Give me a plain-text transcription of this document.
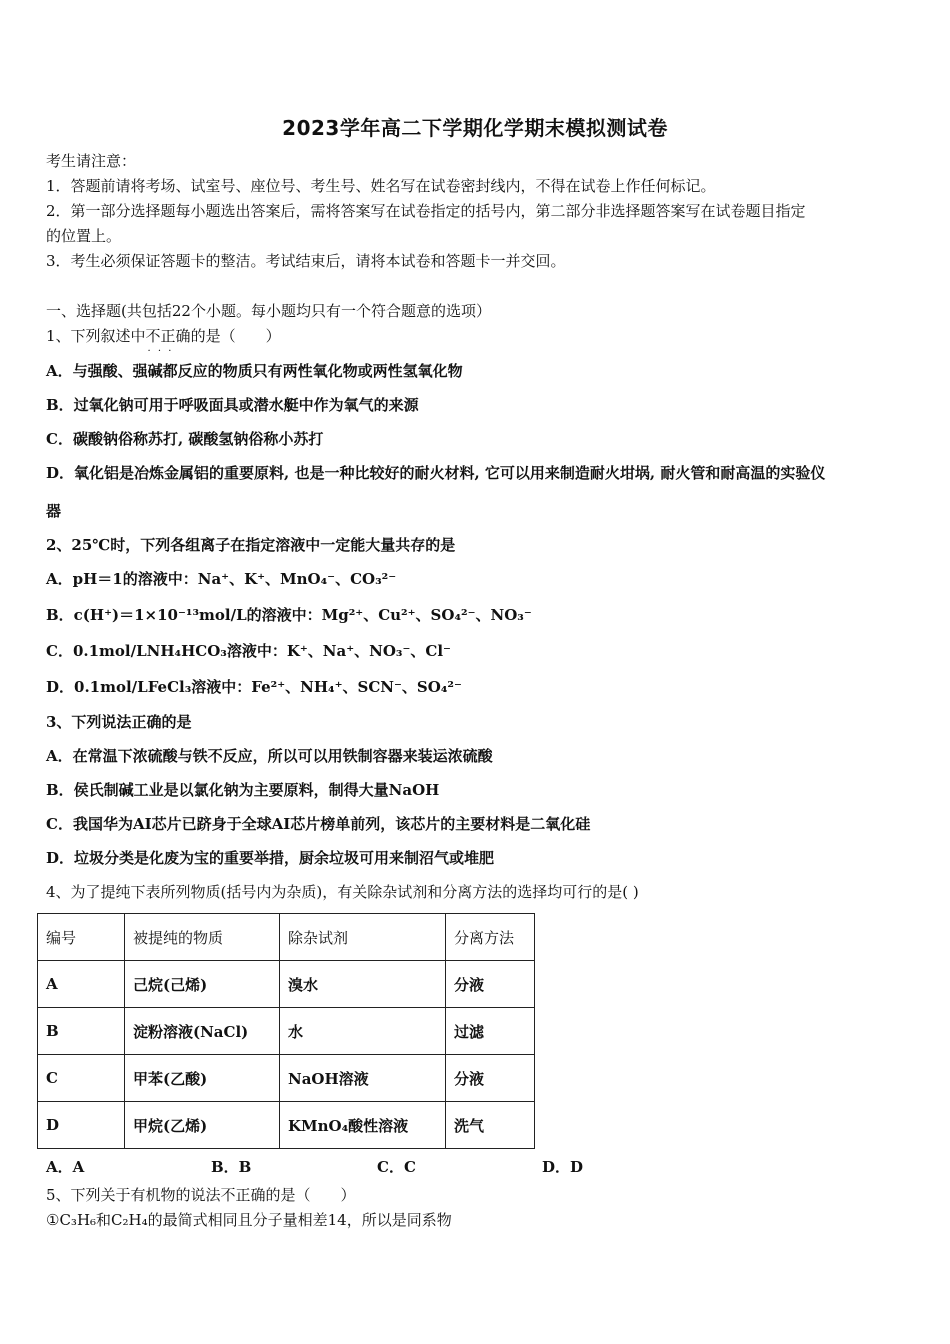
2023学年高二下学期化学期末模拟测试卷
考生请注意：
1．答题前请将考场、试室号、座位号、考生号、姓名写在试卷密封线内，不得在试卷上作任何标记。
2．第一部分选择题每小题选出答案后，需将答案写在试卷指定的括号内，第二部分非选择题答案写在试卷题目指定
的位置上。
3．考生必须保证答题卡的整洁。考试结束后，请将本试卷和答题卡一并交回。
一、选择题(共包括22个小题。每小题均只有一个符合题意的选项）
1、下列叙述中不正确 · · ·的是（　　）
A．与强酸、强碱都反应的物质只有两性氧化物或两性氢氧化物
B．过氧化钠可用于呼吸面具或潜水艇中作为氧气的来源
C．碳酸钠俗称苏打, 碳酸氢钠俗称小苏打
D．氧化铝是冶炼金属铝的重要原料, 也是一种比较好的耐火材料, 它可以用来制造耐火坩埚, 耐火管和耐高温的实验仪
器
2、25℃时，下列各组离子在指定溶液中一定能大量共存的是
A．pH＝1的溶液中：Na⁺、K⁺、MnO₄⁻、CO₃²⁻
B．c(H⁺)＝1×10⁻¹³mol/L的溶液中：Mg²⁺、Cu²⁺、SO₄²⁻、NO₃⁻
C．0.1mol/LNH₄HCO₃溶液中：K⁺、Na⁺、NO₃⁻、Cl⁻
D．0.1mol/LFeCl₃溶液中：Fe²⁺、NH₄⁺、SCN⁻、SO₄²⁻
3、下列说法正确的是
A．在常温下浓硫酸与铁不反应，所以可以用铁制容器来装运浓硫酸
B．侯氏制碱工业是以氯化钠为主要原料，制得大量NaOH
C．我国华为AI芯片已跻身于全球AI芯片榜单前列，该芯片的主要材料是二氧化硅
D．垃圾分类是化废为宝的重要举措，厨余垃圾可用来制沼气或堆肥
4、为了提纯下表所列物质(括号内为杂质)，有关除杂试剂和分离方法的选择均可行的是( )
编号	被提纯的物质	除杂试剂	分离方法
A	己烷(己烯)	溴水	分液
B	淀粉溶液(NaCl)	水	过滤
C	甲苯(乙酸)	NaOH溶液	分液
D	甲烷(乙烯)	KMnO₄酸性溶液	洗气
A．A	B．B	C．C	D．D
5、下列关于有机物的说法不正确的是（　　）
①C₃H₆和C₂H₄的最简式相同且分子量相差14，所以是同系物
